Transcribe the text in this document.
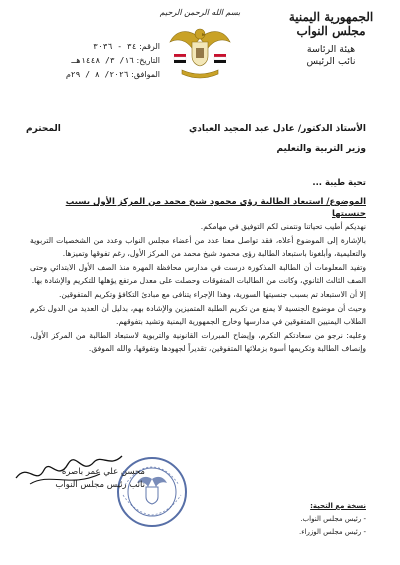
الجمهورية اليمنية
مجلس النواب
هيئة الرئاسة
نائب الرئيس
بسم الله الرحمن الرحيم
الرقم: ٣٤ - ٣٠٣٦
التاريخ: ١٦/ ٣/ ١٤٤٨هـ
الموافق: ٢٠٢٦/ ٨ / ٢٩م
الأستاذ الدكتور/ عادل عبد المجيد العبادي
المحترم
وزير التربية والتعليم
تحية طيبة ...
الموضوع/ استبعاد الطالبة رؤى محمود شيخ محمد من المركز الأول بسبب جنسيتها

نهديكم أطيب تحياتنا ونتمنى لكم التوفيق في مهامكم.

بالإشارة إلى الموضوع أعلاه، فقد تواصل معنا عدد من أعضاء مجلس النواب وعدد من الشخصيات التربوية والتعليمية، وأبلغونا باستبعاد الطالبة رؤى محمود شيخ محمد من المركز الأول، رغم تفوقها وتميزها.

وتفيد المعلومات أن الطالبة المذكورة درست في مدارس محافظة المهرة منذ الصف الأول الابتدائي وحتى الصف الثالث الثانوي، وكانت من الطالبات المتفوقات وحصلت على معدل مرتفع يؤهلها للتكريم والإشادة بها.

إلا أن الاستبعاد تم بسبب جنسيتها السورية، وهذا الإجراء يتنافى مع مبادئ التكافؤ وتكريم المتفوقين.

وحيث أن موضوع الجنسية لا يمنع من تكريم الطلبة المتميزين والإشادة بهم، بدليل أن العديد من الدول تكرم الطلاب اليمنيين المتفوقين في مدارسها وخارج الجمهورية اليمنية وتشيد بتفوقهم.

وعليه: نرجو من سعادتكم التكرم، وإيضاح المبررات القانونية والتربوية لاستبعاد الطالبة من المركز الأول، وإنصاف الطالبة وتكريمها أسوة بزملائها المتفوقين، تقديراً لجهودها وتفوقها، والله الموفق.

محسن علي عمر باصرة
نائب رئيس مجلس النواب
نسخة مع التحية:
- رئيس مجلس النواب.
- رئيس مجلس الوزراء.
